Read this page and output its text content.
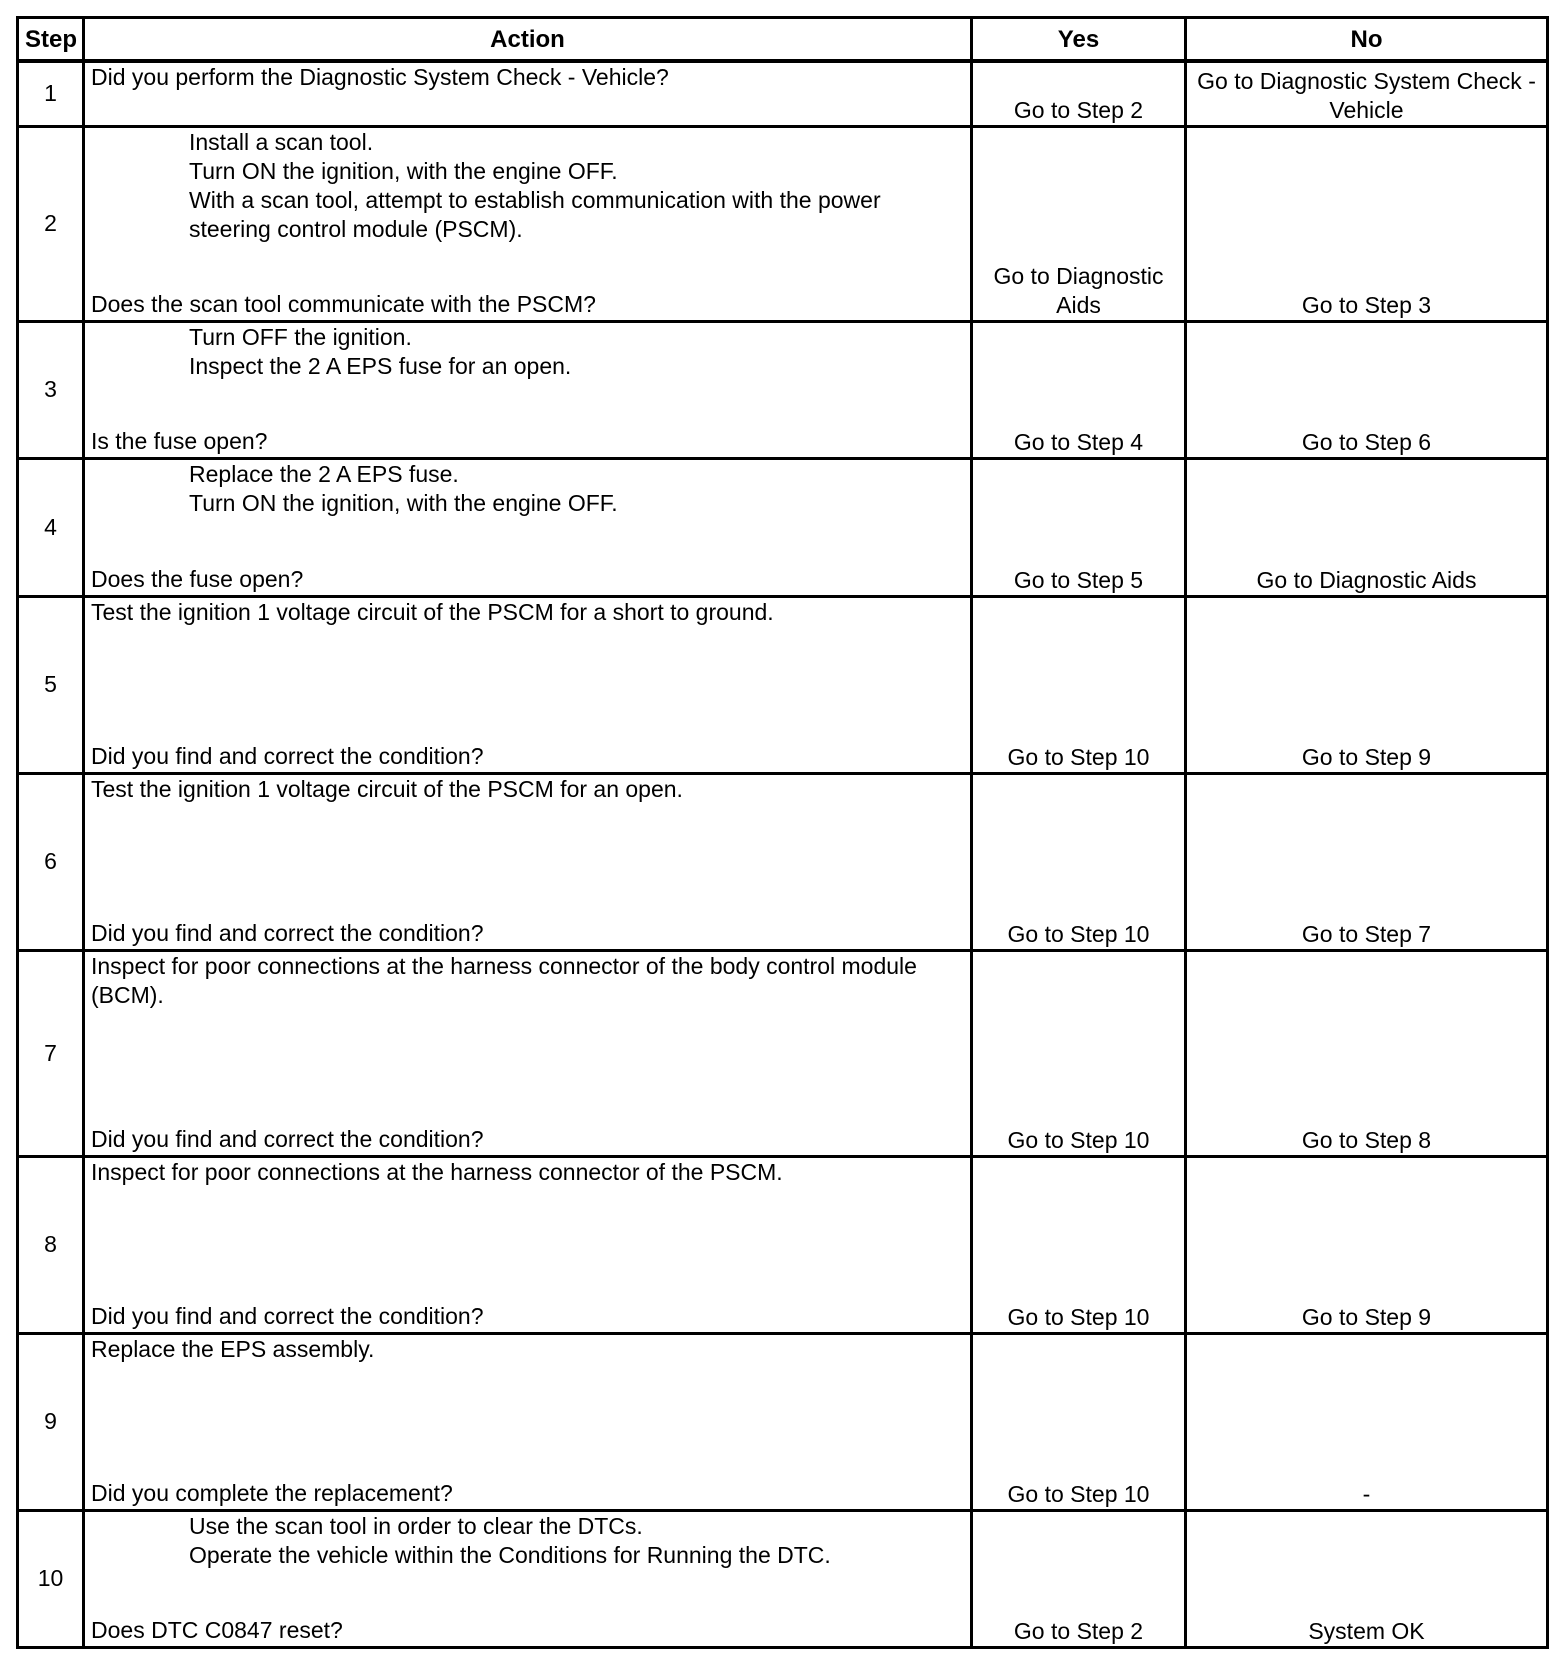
Step	Action	Yes	No
1	Did you perform the Diagnostic System Check - Vehicle?	Go to Step 2	Go to Diagnostic System Check - Vehicle
2	Install a scan tool.
Turn ON the ignition, with the engine OFF.
With a scan tool, attempt to establish communication with the power steering control module (PSCM).
Does the scan tool communicate with the PSCM?	Go to Diagnostic Aids	Go to Step 3
3	Turn OFF the ignition.
Inspect the 2 A EPS fuse for an open.
Is the fuse open?	Go to Step 4	Go to Step 6
4	Replace the 2 A EPS fuse.
Turn ON the ignition, with the engine OFF.
Does the fuse open?	Go to Step 5	Go to Diagnostic Aids
5	Test the ignition 1 voltage circuit of the PSCM for a short to ground.
Did you find and correct the condition?	Go to Step 10	Go to Step 9
6	Test the ignition 1 voltage circuit of the PSCM for an open.
Did you find and correct the condition?	Go to Step 10	Go to Step 7
7	Inspect for poor connections at the harness connector of the body control module (BCM).
Did you find and correct the condition?	Go to Step 10	Go to Step 8
8	Inspect for poor connections at the harness connector of the PSCM.
Did you find and correct the condition?	Go to Step 10	Go to Step 9
9	Replace the EPS assembly.
Did you complete the replacement?	Go to Step 10	-
10	Use the scan tool in order to clear the DTCs.
Operate the vehicle within the Conditions for Running the DTC.
Does DTC C0847 reset?	Go to Step 2	System OK
